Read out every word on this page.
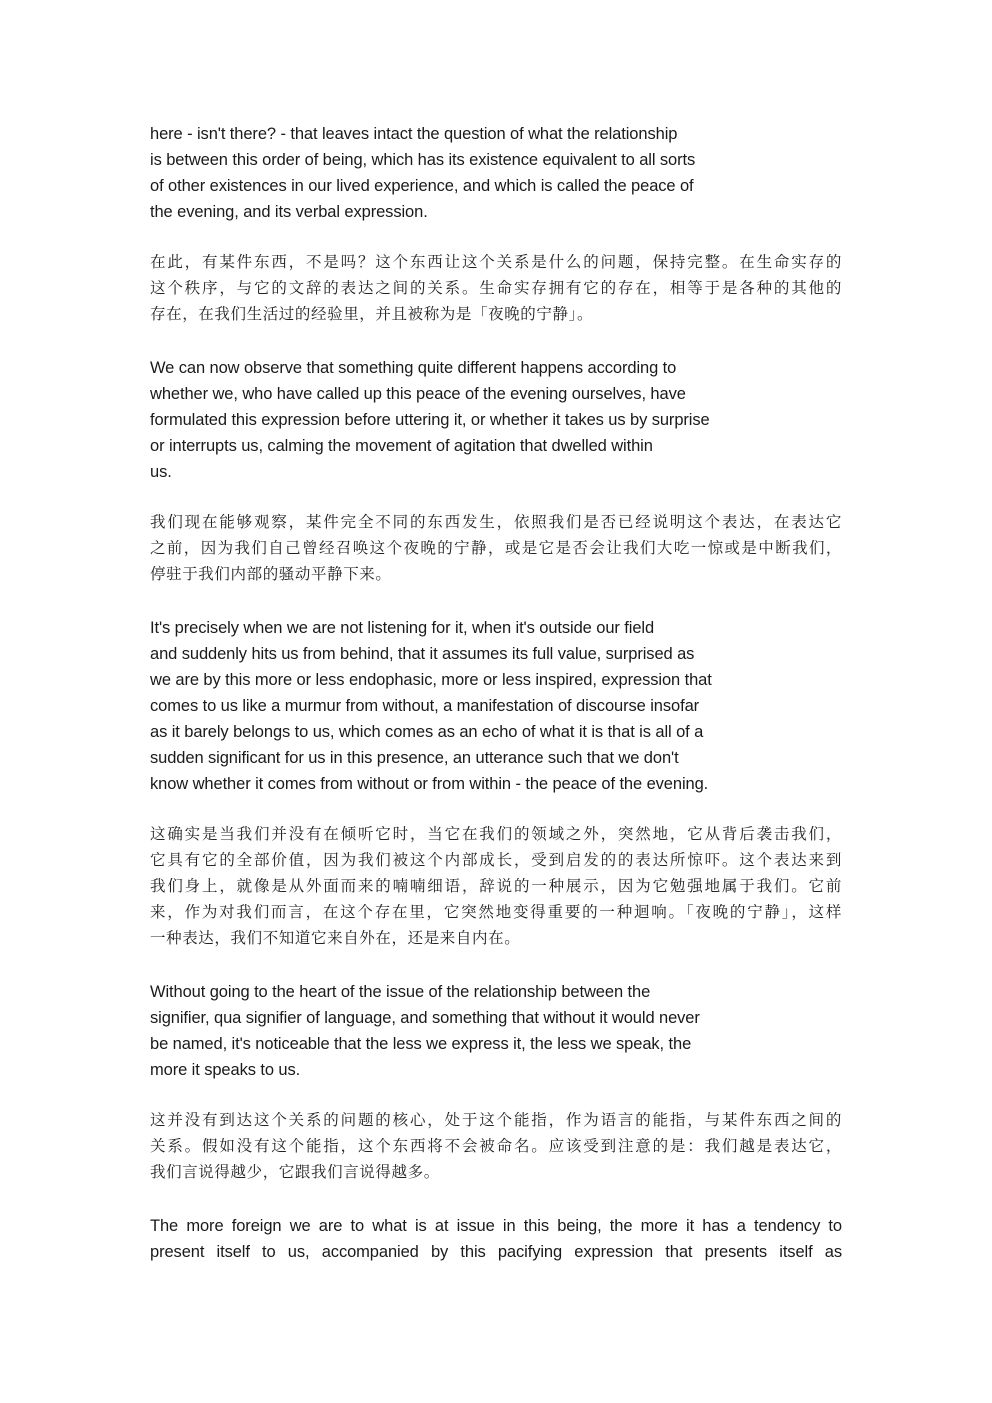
here - isn't there? - that leaves intact the question of what the relationship
is between this order of being, which has its existence equivalent to all sorts
of other existences in our lived experience, and which is called the peace of
the evening, and its verbal expression.

在此，有某件东西，不是吗？这个东西让这个关系是什么的问题，保持完整。在生命实存的
这个秩序，与它的文辞的表达之间的关系。生命实存拥有它的存在，相等于是各种的其他的
存在，在我们生活过的经验里，并且被称为是「夜晚的宁静」。

We can now observe that something quite different happens according to
whether we, who have called up this peace of the evening ourselves, have
formulated this expression before uttering it, or whether it takes us by surprise
or interrupts us, calming the movement of agitation that dwelled within
us.

我们现在能够观察，某件完全不同的东西发生，依照我们是否已经说明这个表达，在表达它
之前，因为我们自己曾经召唤这个夜晚的宁静，或是它是否会让我们大吃一惊或是中断我们，
停驻于我们内部的骚动平静下来。

It's precisely when we are not listening for it, when it's outside our field
and suddenly hits us from behind, that it assumes its full value, surprised as
we are by this more or less endophasic, more or less inspired, expression that
comes to us like a murmur from without, a manifestation of discourse insofar
as it barely belongs to us, which comes as an echo of what it is that is all of a
sudden significant for us in this presence, an utterance such that we don't
know whether it comes from without or from within - the peace of the evening.

这确实是当我们并没有在倾听它时，当它在我们的领域之外，突然地，它从背后袭击我们，
它具有它的全部价值，因为我们被这个内部成长，受到启发的的表达所惊吓。这个表达来到
我们身上，就像是从外面而来的喃喃细语，辞说的一种展示，因为它勉强地属于我们。它前
来，作为对我们而言，在这个存在里，它突然地变得重要的一种迴响。「夜晚的宁静」，这样
一种表达，我们不知道它来自外在，还是来自内在。

Without going to the heart of the issue of the relationship between the
signifier, qua signifier of language, and something that without it would never
be named, it's noticeable that the less we express it, the less we speak, the
more it speaks to us.

这并没有到达这个关系的问题的核心，处于这个能指，作为语言的能指，与某件东西之间的
关系。假如没有这个能指，这个东西将不会被命名。应该受到注意的是：我们越是表达它，
我们言说得越少，它跟我们言说得越多。

The more foreign we are to what is at issue in this being, the more it has a tendency to
present itself to us, accompanied by this pacifying expression that presents itself as
